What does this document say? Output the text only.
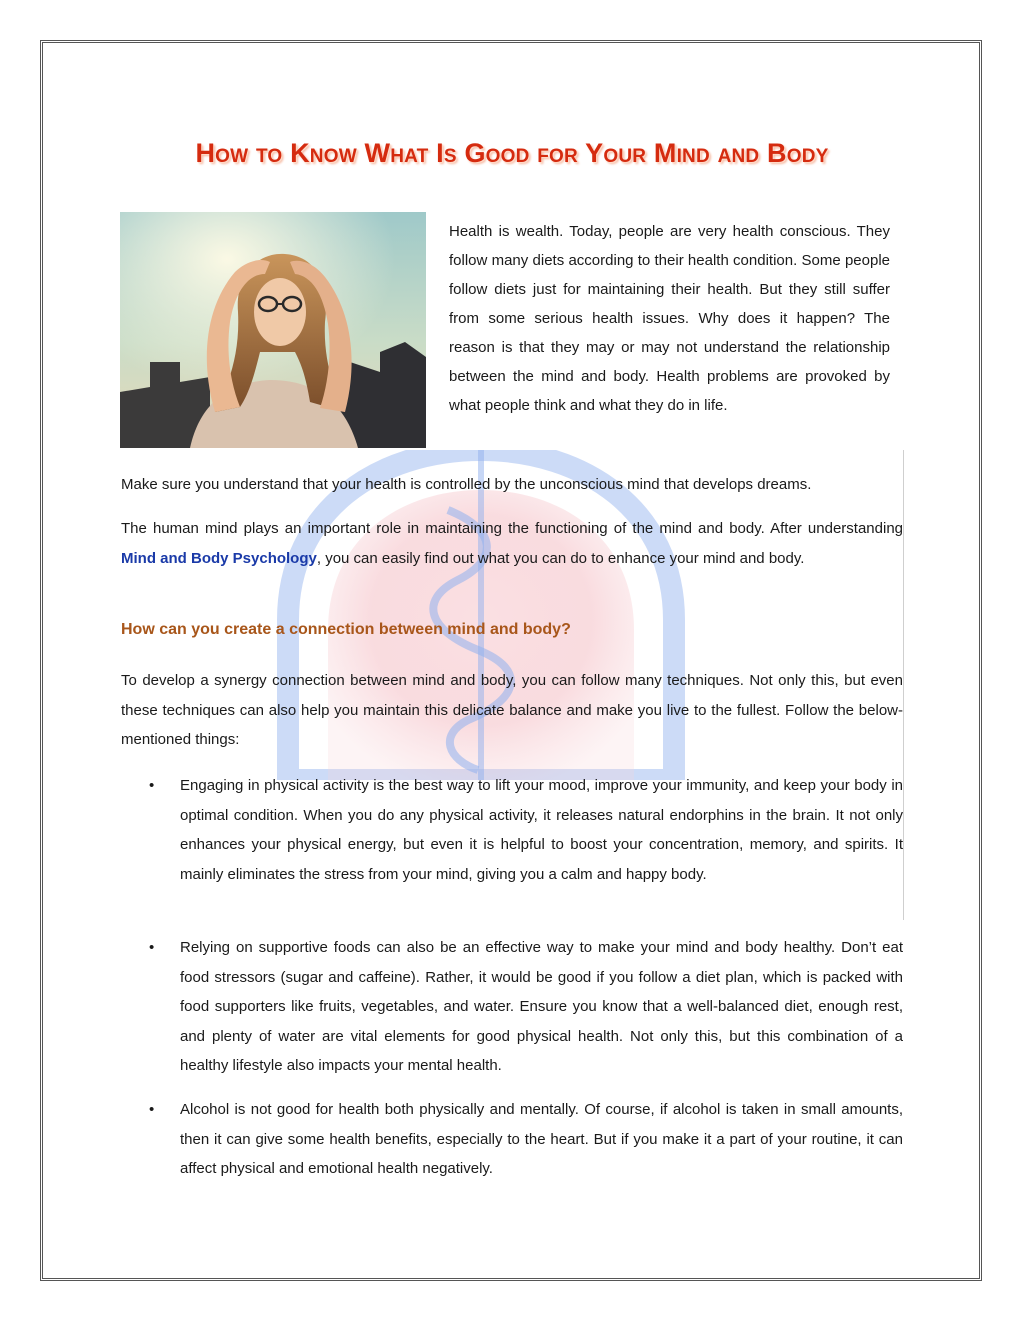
How to Know What Is Good for Your Mind and Body

Health is wealth. Today, people are very health conscious. They follow many diets according to their health condition. Some people follow diets just for maintaining their health. But they still suffer from some serious health issues. Why does it happen? The reason is that they may or may not understand the relationship between the mind and body. Health problems are provoked by what people think and what they do in life.

Make sure you understand that your health is controlled by the unconscious mind that develops dreams.

The human mind plays an important role in maintaining the functioning of the mind and body. After understanding Mind and Body Psychology, you can easily find out what you can do to enhance your mind and body.

How can you create a connection between mind and body?

To develop a synergy connection between mind and body, you can follow many techniques. Not only this, but even these techniques can also help you maintain this delicate balance and make you live to the fullest. Follow the below-mentioned things:

• Engaging in physical activity is the best way to lift your mood, improve your immunity, and keep your body in optimal condition. When you do any physical activity, it releases natural endorphins in the brain. It not only enhances your physical energy, but even it is helpful to boost your concentration, memory, and spirits. It mainly eliminates the stress from your mind, giving you a calm and happy body.
• Relying on supportive foods can also be an effective way to make your mind and body healthy. Don’t eat food stressors (sugar and caffeine). Rather, it would be good if you follow a diet plan, which is packed with food supporters like fruits, vegetables, and water. Ensure you know that a well-balanced diet, enough rest, and plenty of water are vital elements for good physical health. Not only this, but this combination of a healthy lifestyle also impacts your mental health.
• Alcohol is not good for health both physically and mentally. Of course, if alcohol is taken in small amounts, then it can give some health benefits, especially to the heart. But if you make it a part of your routine, it can affect physical and emotional health negatively.
